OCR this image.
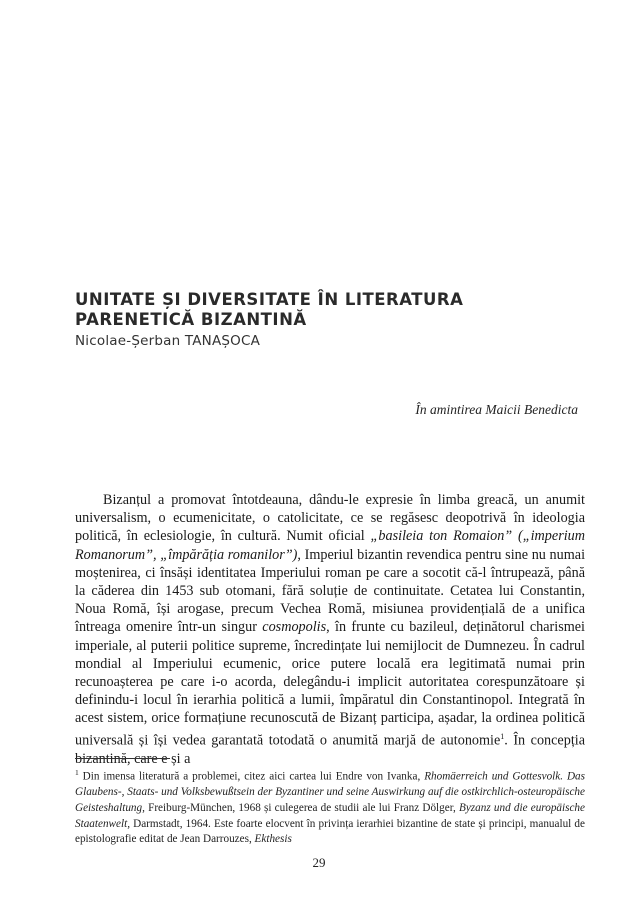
UNITATE ȘI DIVERSITATE ÎN LITERATURA
PARENETICĂ BIZANTINĂ
Nicolae-Șerban TANAȘOCA
În amintirea Maicii Benedicta

Bizanțul a promovat întotdeauna, dându-le expresie în limba greacă, un anumit universalism, o ecumenicitate, o catolicitate, ce se regăsesc deopotrivă în ideologia politică, în eclesiologie, în cultură. Numit oficial „basileia ton Romaion” („imperium Romanorum”, „împărăția romanilor”), Imperiul bizantin revendica pentru sine nu numai moștenirea, ci însăși identitatea Imperiului roman pe care a socotit că-l întrupează, până la căderea din 1453 sub otomani, fără soluție de continuitate. Cetatea lui Constantin, Noua Romă, își arogase, precum Vechea Romă, misiunea providențială de a unifica întreaga omenire într-un singur cosmopolis, în frunte cu bazileul, deținătorul charismei imperiale, al puterii politice supreme, încredințate lui nemijlocit de Dumnezeu. În cadrul mondial al Imperiului ecumenic, orice putere locală era legitimată numai prin recunoașterea pe care i-o acorda, delegându-i implicit autoritatea corespunzătoare și definindu-i locul în ierarhia politică a lumii, împăratul din Constantinopol. Integrată în acest sistem, orice formațiune recunoscută de Bizanț participa, așadar, la ordinea politică universală și își vedea garantată totodată o anumită marjă de autonomie$^1$. În concepția bizantină, care e și a

$^1$ Din imensa literatură a problemei, citez aici cartea lui Endre von Ivanka, Rhomäerreich und Gottesvolk. Das Glaubens-, Staats- und Volksbewußtsein der Byzantiner und seine Auswirkung auf die ostkirchlich-osteuropäische Geisteshaltung, Freiburg-München, 1968 și culegerea de studii ale lui Franz Dölger, Byzanz und die europäische Staatenwelt, Darmstadt, 1964. Este foarte elocvent în privința ierarhiei bizantine de state și principi, manualul de epistolografie editat de Jean Darrouzes, Ekthesis
29
